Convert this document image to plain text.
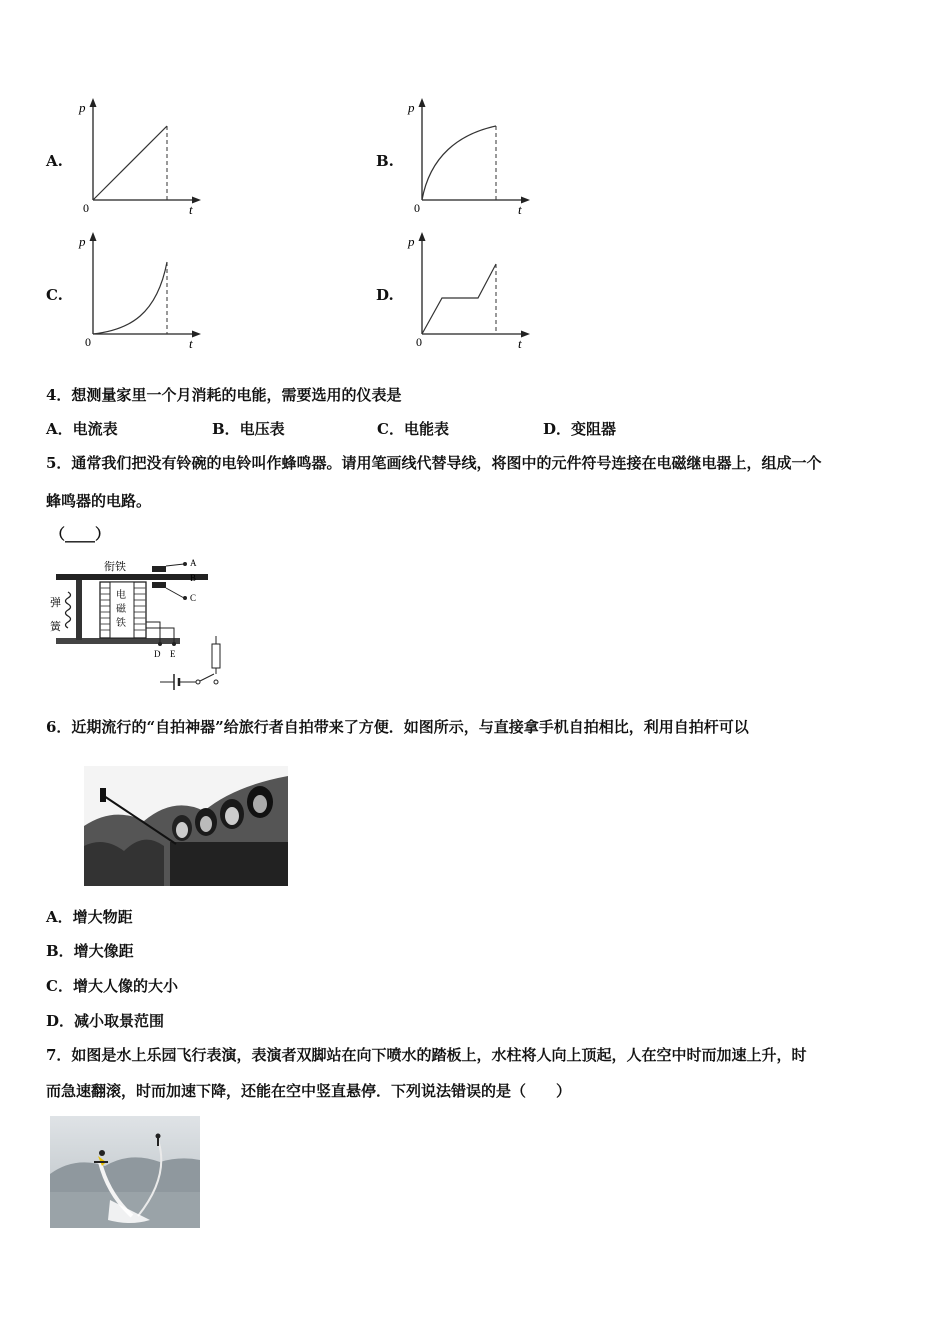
A.	B.
C.	D.
p
0	t
p
0	t
p
0	t
p
0	t
4．想测量家里一个月消耗的电能，需要选用的仪表是
A．电流表	B．电压表	C．电能表	D．变阻器
5．通常我们把没有铃碗的电铃叫作蜂鸣器。请用笔画线代替导线，将图中的元件符号连接在电磁继电器上，组成一个
蜂鸣器的电路。
（____）
衔铁
弹
簧
电
磁
铁
A
B
C
D E
6．近期流行的“自拍神器”给旅行者自拍带来了方便．如图所示，与直接拿手机自拍相比，利用自拍杆可以
A．增大物距
B．增大像距
C．增大人像的大小
D．减小取景范围
7．如图是水上乐园飞行表演，表演者双脚站在向下喷水的踏板上，水柱将人向上顶起，人在空中时而加速上升，时
而急速翻滚，时而加速下降，还能在空中竖直悬停．下列说法错误的是（　　）
